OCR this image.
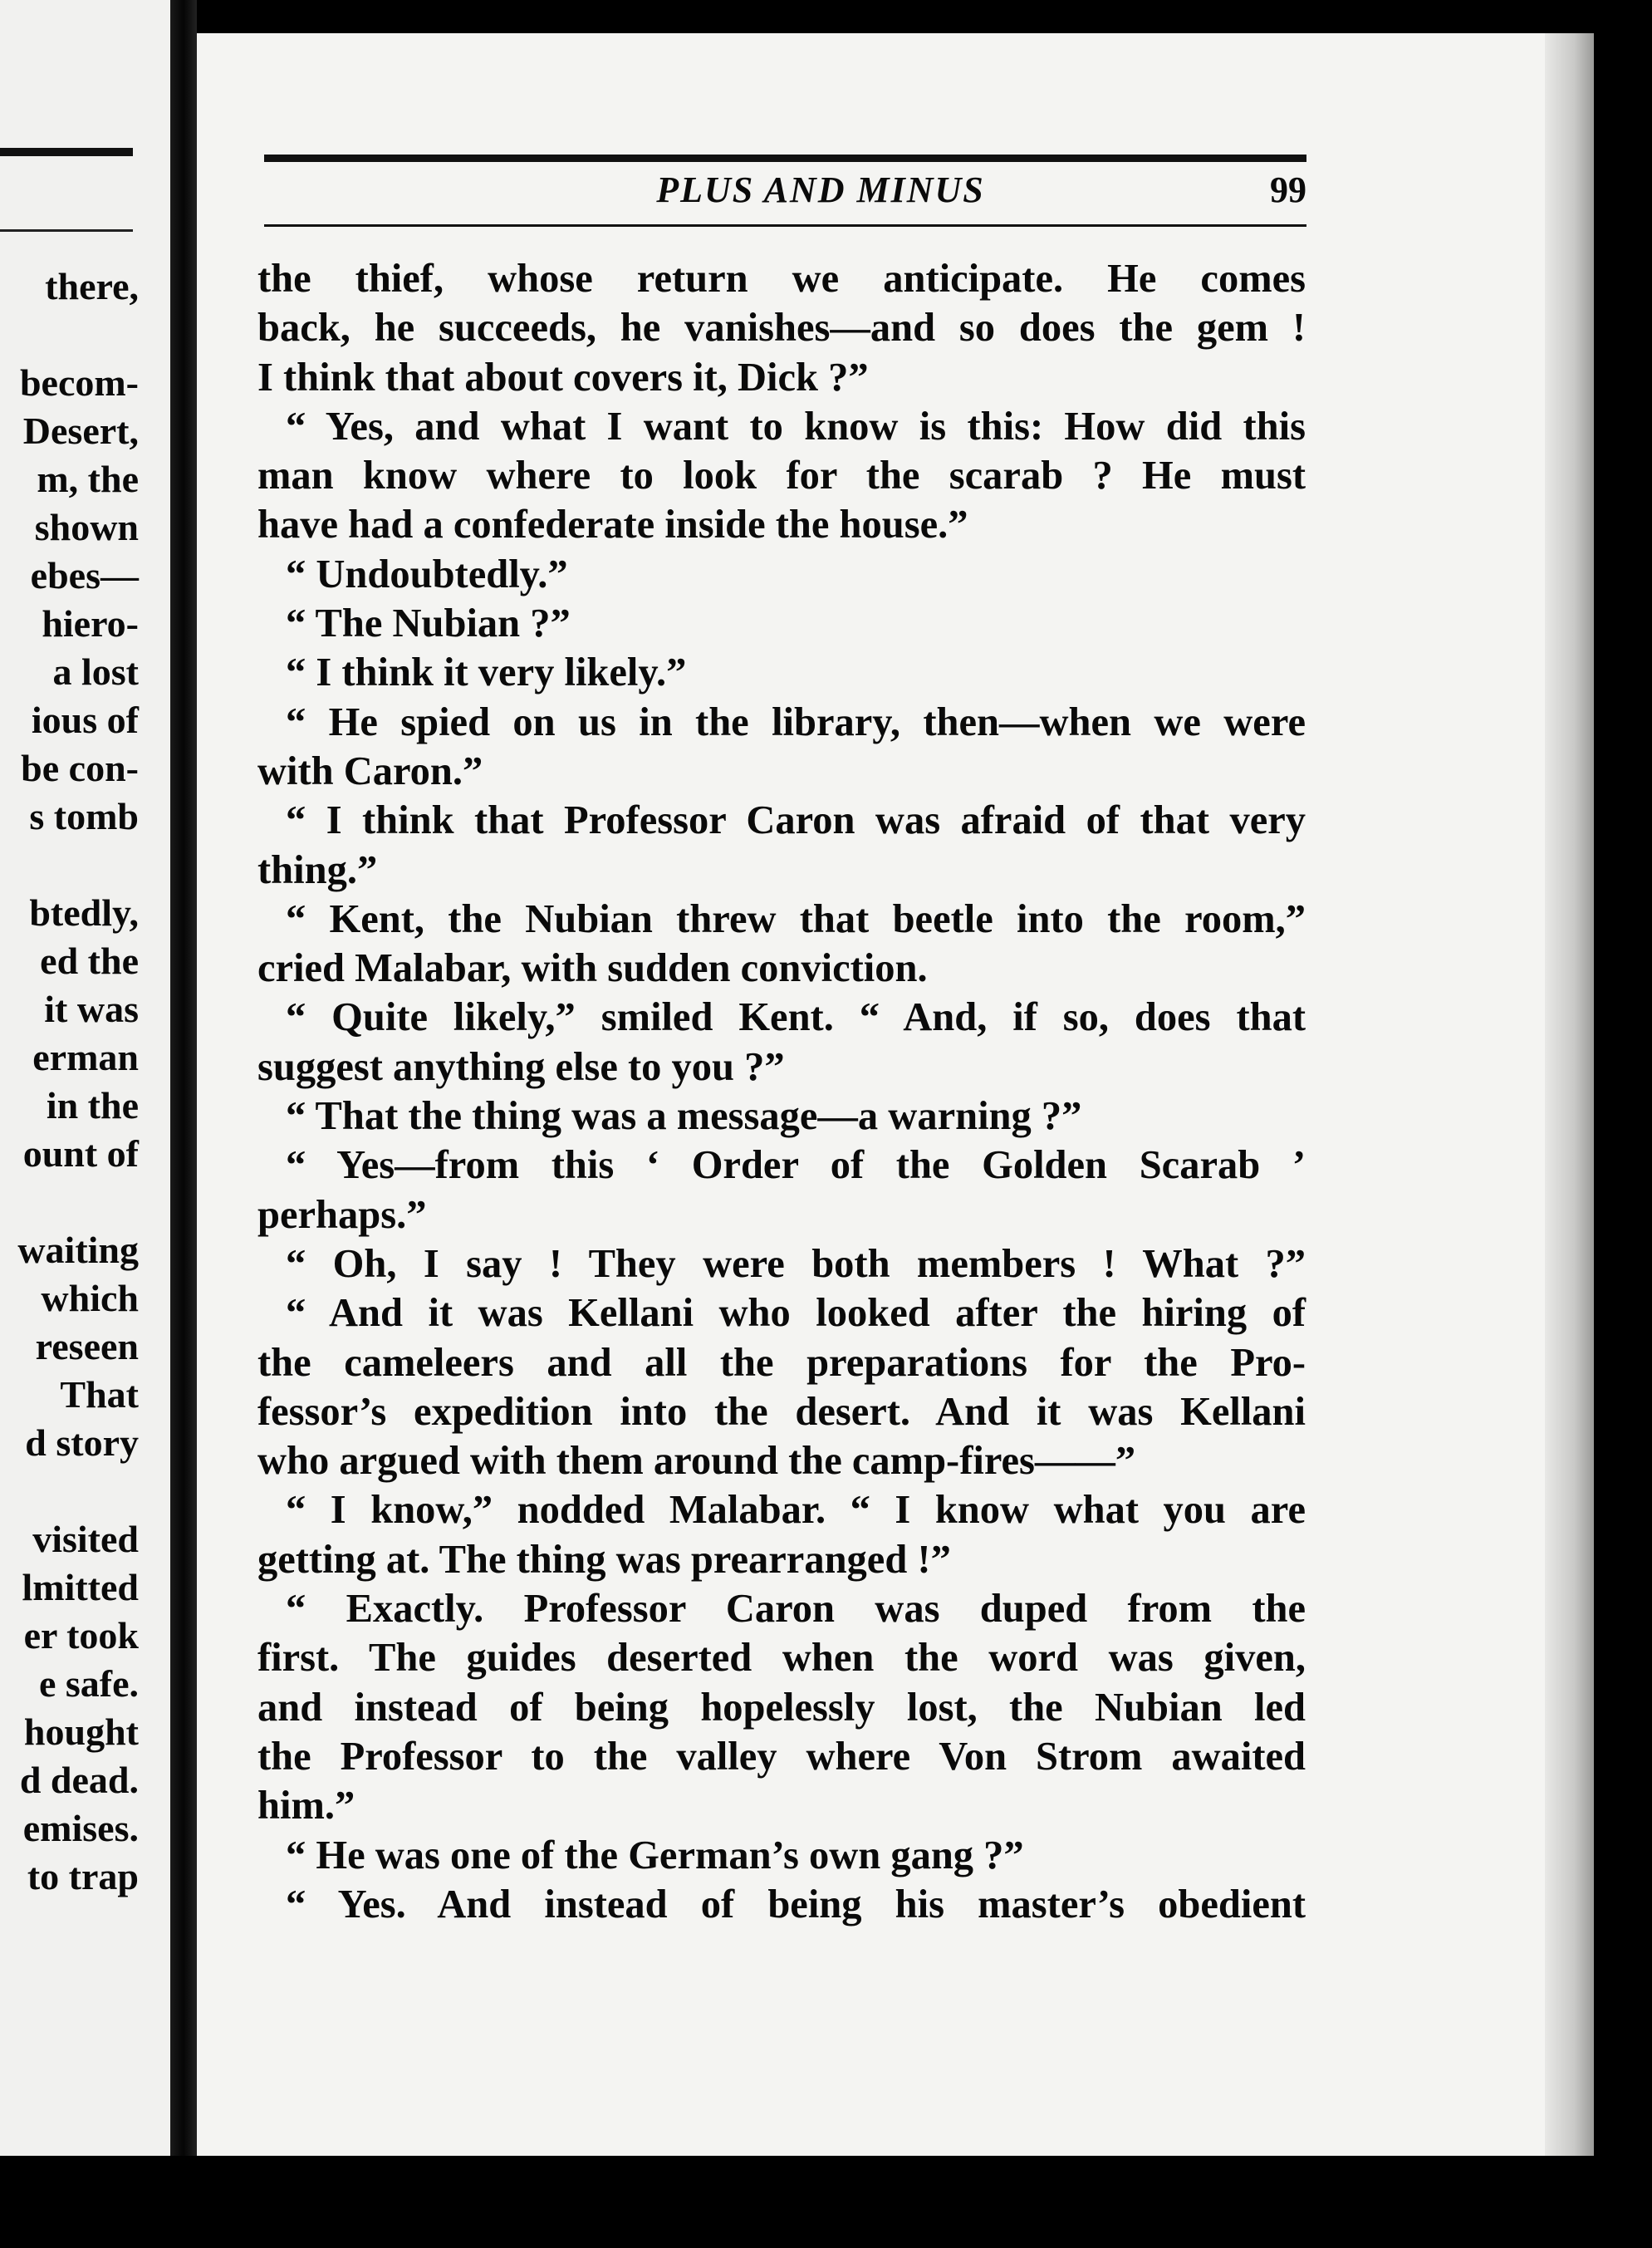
there,

becom-
Desert,
m, the
shown
ebes—
hiero-
a lost
ious of
be con-
s tomb

btedly,
ed the
it was
erman
in the
ount of

waiting
which
reseen
That
d story

visited
lmitted
er took
e safe.
hought
d dead.
emises.
to trap
PLUS AND MINUS	99
the thief, whose return we anticipate. He comes
back, he succeeds, he vanishes—and so does the gem !
I think that about covers it, Dick ?”
“ Yes, and what I want to know is this: How did this
man know where to look for the scarab ? He must
have had a confederate inside the house.”
“ Undoubtedly.”
“ The Nubian ?”
“ I think it very likely.”
“ He spied on us in the library, then—when we were
with Caron.”
“ I think that Professor Caron was afraid of that very
thing.”
“ Kent, the Nubian threw that beetle into the room,”
cried Malabar, with sudden conviction.
“ Quite likely,” smiled Kent. “ And, if so, does that
suggest anything else to you ?”
“ That the thing was a message—a warning ?”
“ Yes—from this ‘ Order of the Golden Scarab ’
perhaps.”
“ Oh, I say ! They were both members ! What ?”
“ And it was Kellani who looked after the hiring of
the cameleers and all the preparations for the Pro-
fessor’s expedition into the desert. And it was Kellani
who argued with them around the camp-fires——”
“ I know,” nodded Malabar. “ I know what you are
getting at. The thing was prearranged !”
“ Exactly. Professor Caron was duped from the
first. The guides deserted when the word was given,
and instead of being hopelessly lost, the Nubian led
the Professor to the valley where Von Strom awaited
him.”
“ He was one of the German’s own gang ?”
“ Yes. And instead of being his master’s obedient
